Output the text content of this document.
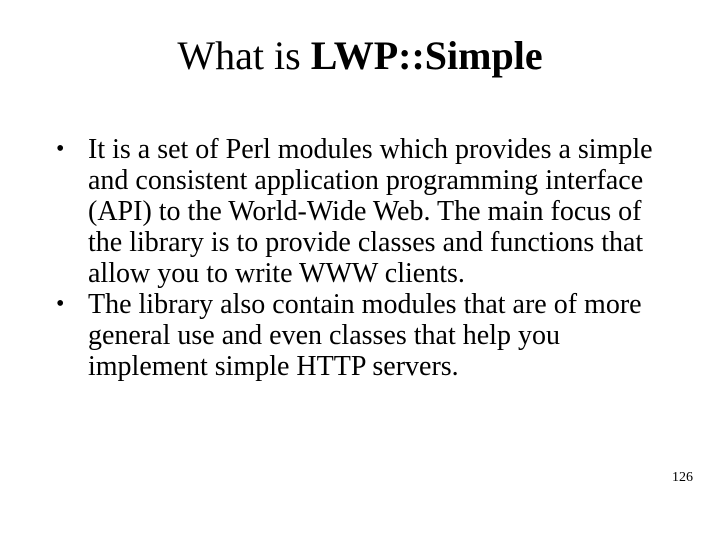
What is LWP::Simple
• It is a set of Perl modules which provides a simple and consistent application programming interface (API) to the World-Wide Web. The main focus of the library is to provide classes and functions that allow you to write WWW clients.
• The library also contain modules that are of more general use and even classes that help you implement simple HTTP servers.
126
